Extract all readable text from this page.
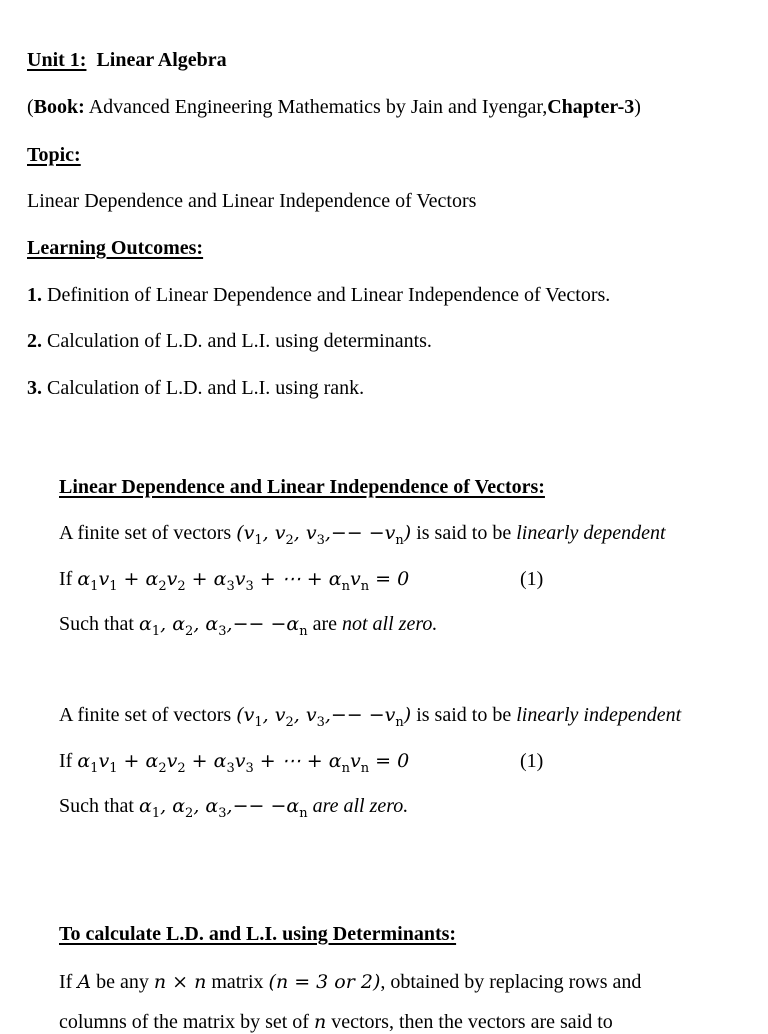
Unit 1: Linear Algebra
(Book: Advanced Engineering Mathematics by Jain and Iyengar,Chapter-3)
Topic:
Linear Dependence and Linear Independence of Vectors
Learning Outcomes:
1. Definition of Linear Dependence and Linear Independence of Vectors.
2. Calculation of L.D. and L.I. using determinants.
3. Calculation of L.D. and L.I. using rank.
Linear Dependence and Linear Independence of Vectors:
A finite set of vectors ($v_1$, $v_2$, $v_3,-- -v_n$) is said to be linearly dependent
If $\alpha_1v_1 + \alpha_2v_2 + \alpha_3v_3$ + ⋯ + $\alpha_nv_n = 0$	(1)
Such that $\alpha_1$, $\alpha_2$, $\alpha_3,-- -\alpha_n$ are not all zero.
A finite set of vectors ($v_1$, $v_2$, $v_3,-- -v_n$) is said to be linearly independent
If $\alpha_1v_1 + \alpha_2v_2 + \alpha_3v_3$ + ⋯ + $\alpha_nv_n = 0$	(1)
Such that $\alpha_1$, $\alpha_2$, $\alpha_3,-- -\alpha_n$ are all zero.
To calculate L.D. and L.I. using Determinants:
If A be any n × n matrix (n = 3 or 2), obtained by replacing rows and
columns of the matrix by set of n vectors, then the vectors are said to
